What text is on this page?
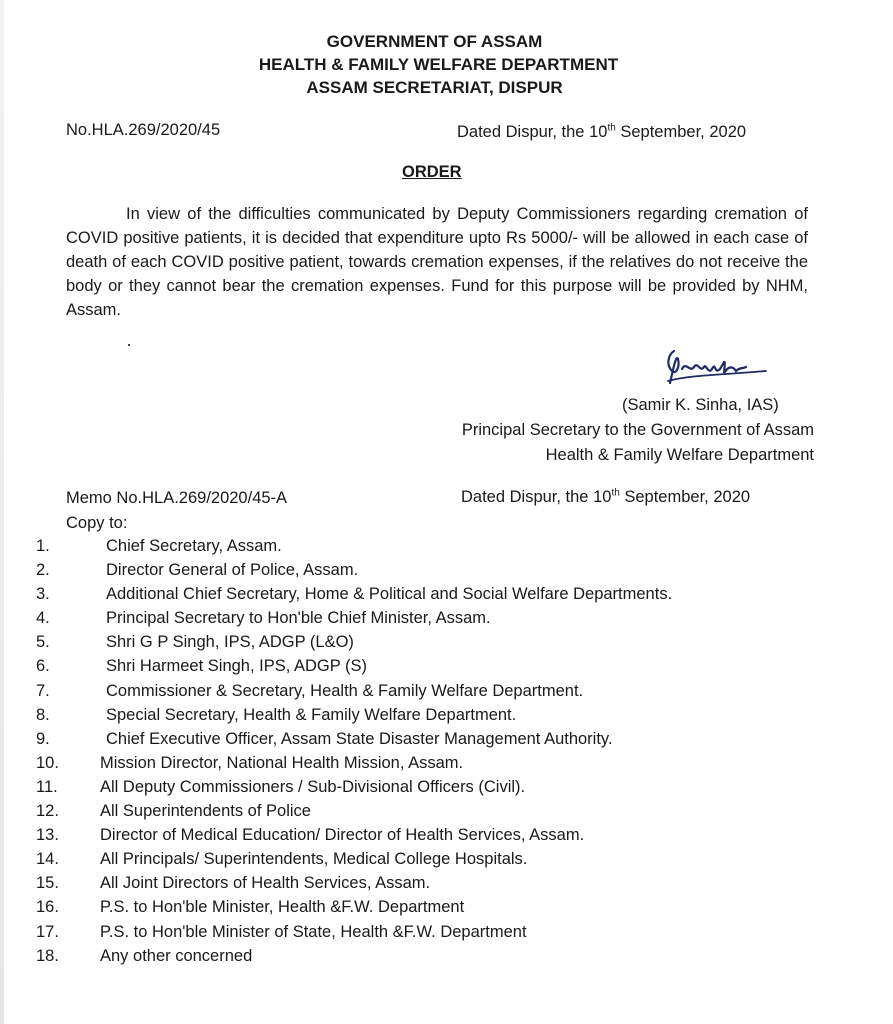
GOVERNMENT OF ASSAM
HEALTH & FAMILY WELFARE DEPARTMENT
ASSAM SECRETARIAT, DISPUR
No.HLA.269/2020/45	Dated Dispur, the 10th September, 2020
ORDER
In view of the difficulties communicated by Deputy Commissioners regarding cremation of COVID positive patients, it is decided that expenditure upto Rs 5000/- will be allowed in each case of death of each COVID positive patient, towards cremation expenses, if the relatives do not receive the body or they cannot bear the cremation expenses. Fund for this purpose will be provided by NHM, Assam.
(Samir K. Sinha, IAS)
Principal Secretary to the Government of Assam
Health & Family Welfare Department
Memo No.HLA.269/2020/45-A	Dated Dispur, the 10th September, 2020
Copy to:
1.	Chief Secretary, Assam.
2.	Director General of Police, Assam.
3.	Additional Chief Secretary, Home & Political and Social Welfare Departments.
4.	Principal Secretary to Hon'ble Chief Minister, Assam.
5.	Shri G P Singh, IPS, ADGP (L&O)
6.	Shri Harmeet Singh, IPS, ADGP (S)
7.	Commissioner & Secretary, Health & Family Welfare Department.
8.	Special Secretary, Health & Family Welfare Department.
9.	Chief Executive Officer, Assam State Disaster Management Authority.
10.	Mission Director, National Health Mission, Assam.
11.	All Deputy Commissioners / Sub-Divisional Officers (Civil).
12.	All Superintendents of Police
13.	Director of Medical Education/ Director of Health Services, Assam.
14.	All Principals/ Superintendents, Medical College Hospitals.
15.	All Joint Directors of Health Services, Assam.
16.	P.S. to Hon'ble Minister, Health &F.W. Department
17.	P.S. to Hon'ble Minister of State, Health &F.W. Department
18.	Any other concerned
